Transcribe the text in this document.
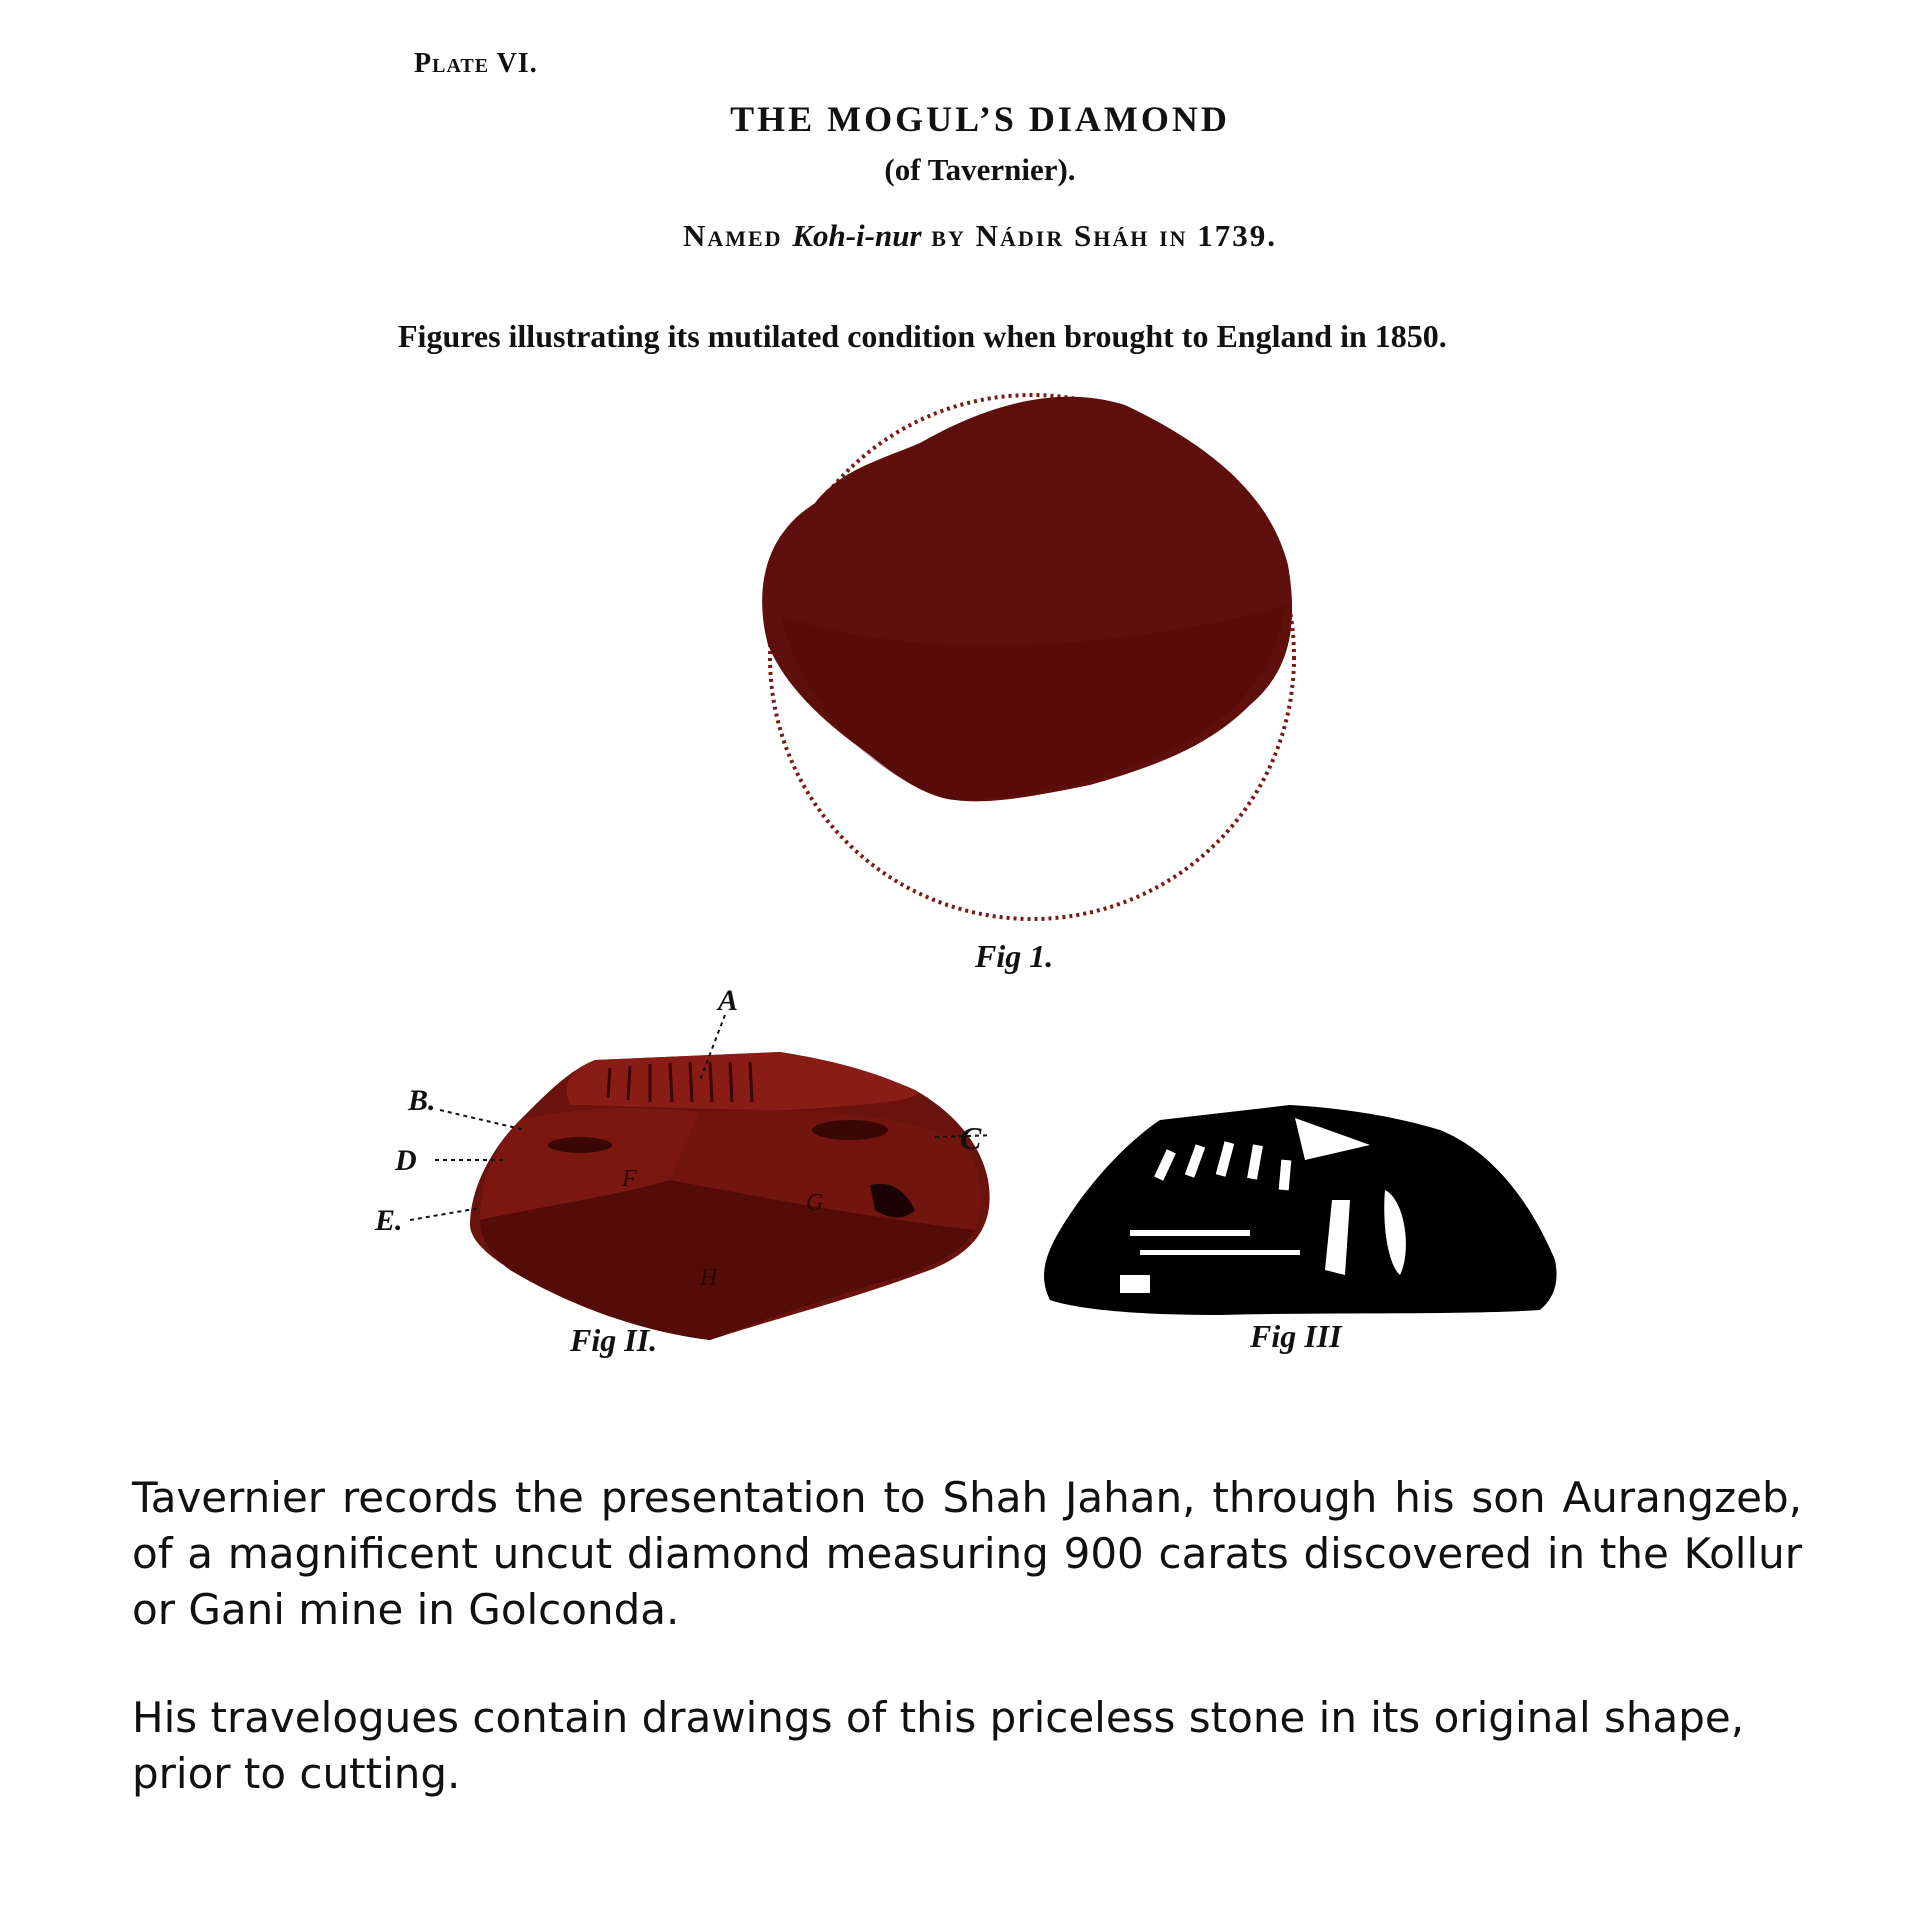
Plate VI.
THE MOGUL’S DIAMOND
(of Tavernier).
Named Koh-i-nur by Nádir Sháh in 1739.
Figures illustrating its mutilated condition when brought to England in 1850.
Fig 1.
A
B.
D
E.
F
G
H
C
Fig II.	Fig III

Tavernier records the presentation to Shah Jahan, through his son Aurangzeb, of a magnificent uncut diamond measuring 900 carats discovered in the Kollur or Gani mine in Golconda.

His travelogues contain drawings of this priceless stone in its original shape, prior to cutting.
